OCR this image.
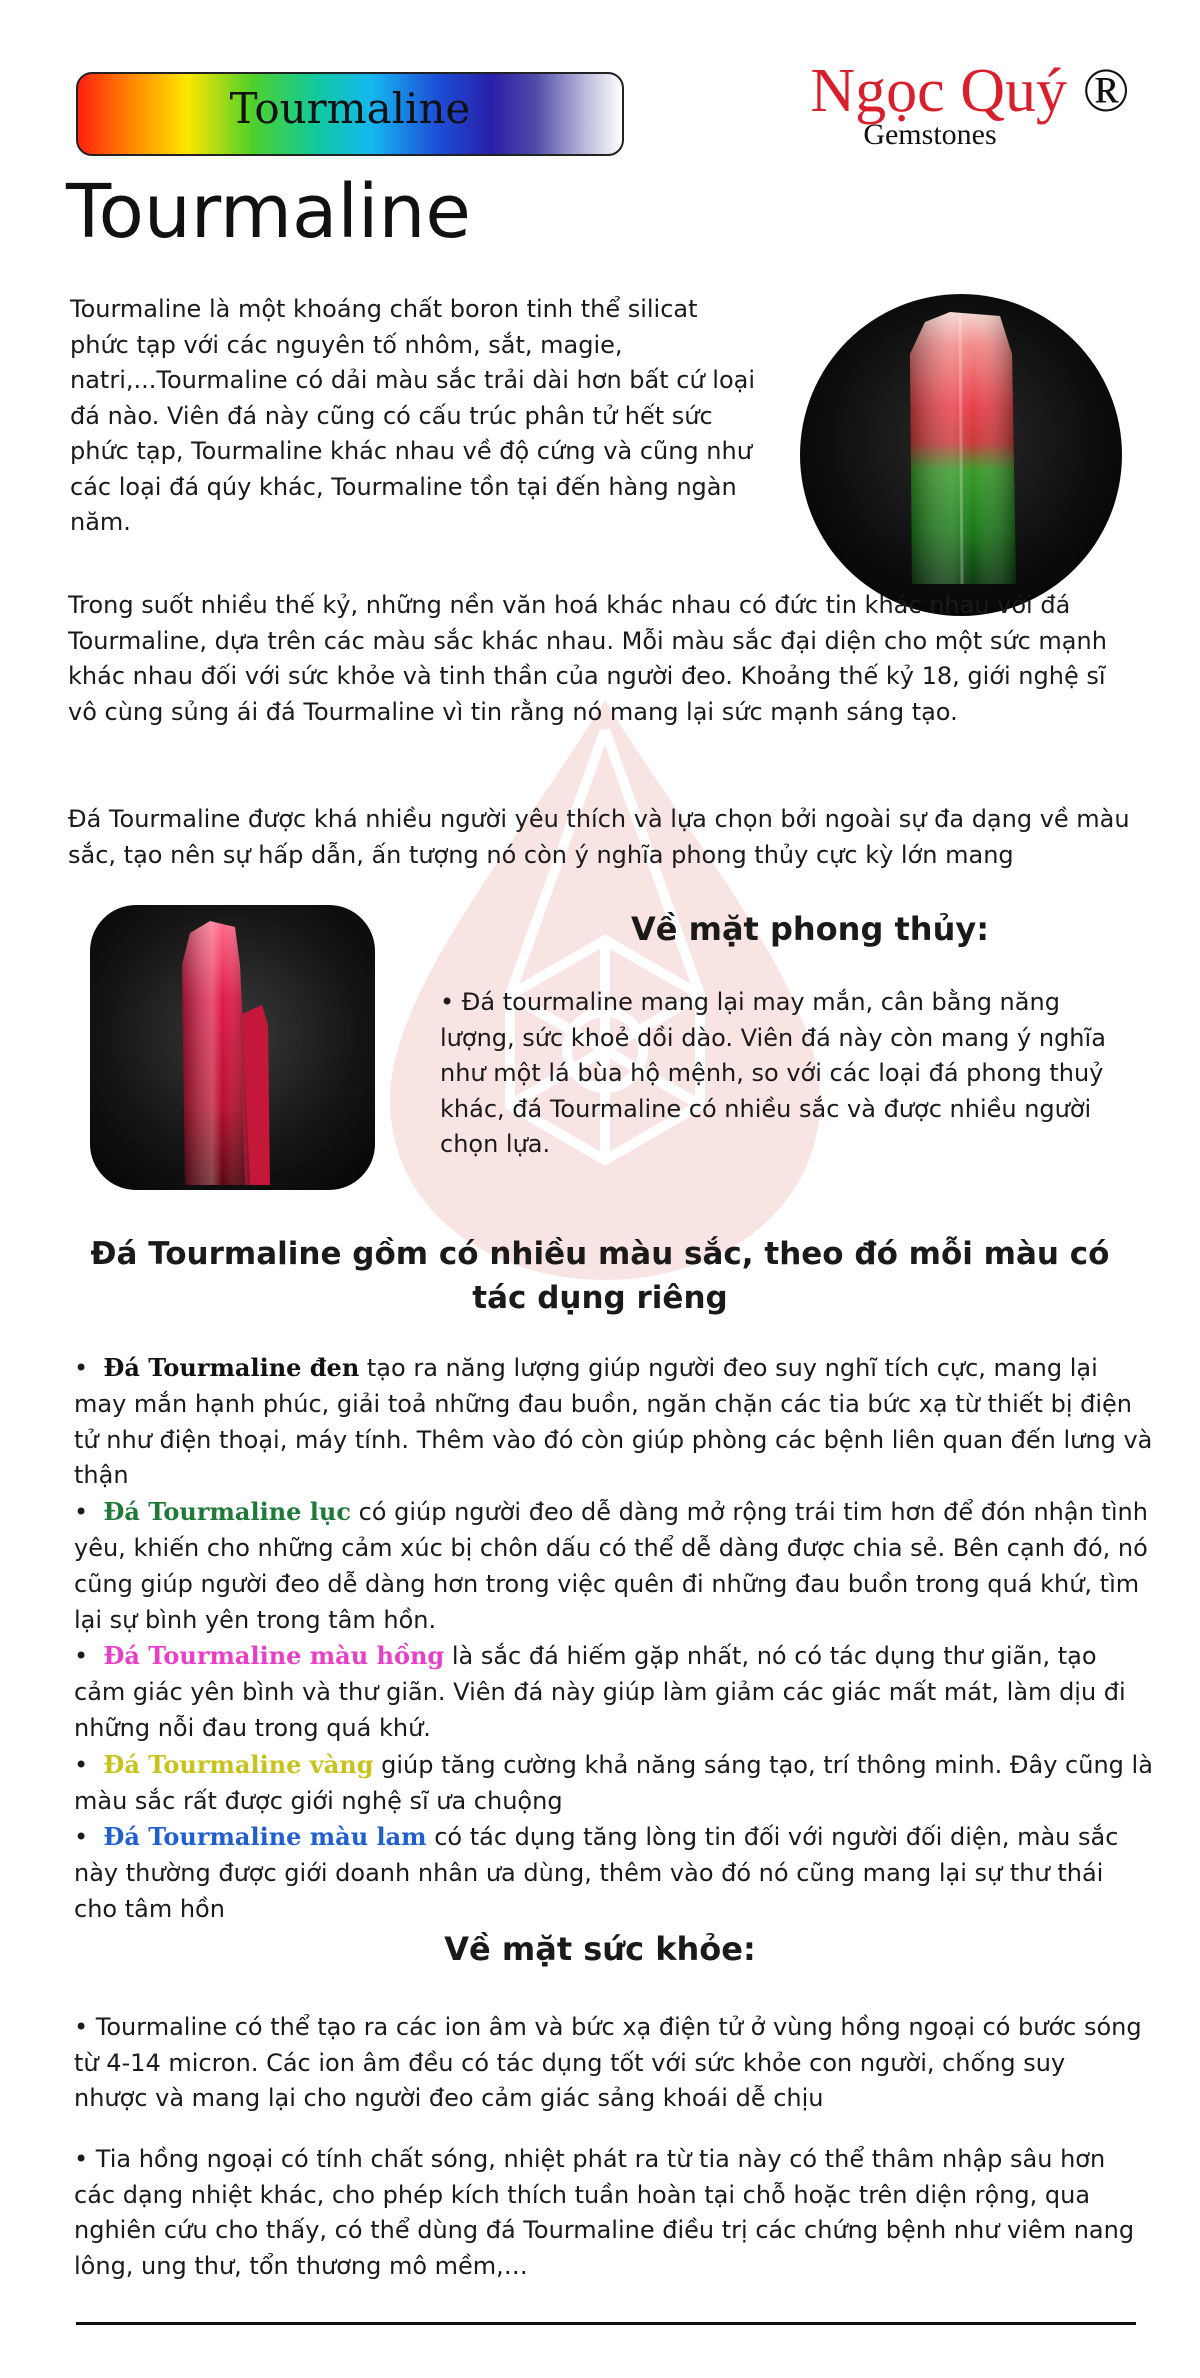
Tourmaline	Ngọc Quý ®
Gemstones
Tourmaline

Tourmaline là một khoáng chất boron tinh thể silicat phức tạp với các nguyên tố nhôm, sắt, magie, natri,...Tourmaline có dải màu sắc trải dài hơn bất cứ loại đá nào. Viên đá này cũng có cấu trúc phân tử hết sức phức tạp, Tourmaline khác nhau về độ cứng và cũng như các loại đá qúy khác, Tourmaline tồn tại đến hàng ngàn năm.

Trong suốt nhiều thế kỷ, những nền văn hoá khác nhau có đức tin khác nhau với đá Tourmaline, dựa trên các màu sắc khác nhau. Mỗi màu sắc đại diện cho một sức mạnh khác nhau đối với sức khỏe và tinh thần của người đeo. Khoảng thế kỷ 18, giới nghệ sĩ vô cùng sủng ái đá Tourmaline vì tin rằng nó mang lại sức mạnh sáng tạo.

Đá Tourmaline được khá nhiều người yêu thích và lựa chọn bởi ngoài sự đa dạng về màu sắc, tạo nên sự hấp dẫn, ấn tượng nó còn ý nghĩa phong thủy cực kỳ lớn mang

Về mặt phong thủy:

• Đá tourmaline mang lại may mắn, cân bằng năng lượng, sức khoẻ dồi dào. Viên đá này còn mang ý nghĩa như một lá bùa hộ mệnh, so với các loại đá phong thuỷ khác, đá Tourmaline có nhiều sắc và được nhiều người chọn lựa.

Đá Tourmaline gồm có nhiều màu sắc, theo đó mỗi màu có tác dụng riêng
•  Đá Tourmaline đen tạo ra năng lượng giúp người đeo suy nghĩ tích cực, mang lại may mắn hạnh phúc, giải toả những đau buồn, ngăn chặn các tia bức xạ từ thiết bị điện tử như điện thoại, máy tính. Thêm vào đó còn giúp phòng các bệnh liên quan đến lưng và thận
•  Đá Tourmaline lục có giúp người đeo dễ dàng mở rộng trái tim hơn để đón nhận tình yêu, khiến cho những cảm xúc bị chôn dấu có thể dễ dàng được chia sẻ. Bên cạnh đó, nó cũng giúp người đeo dễ dàng hơn trong việc quên đi những đau buồn trong quá khứ, tìm lại sự bình yên trong tâm hồn.
•  Đá Tourmaline màu hồng là sắc đá hiếm gặp nhất, nó có tác dụng thư giãn, tạo cảm giác yên bình và thư giãn. Viên đá này giúp làm giảm các giác mất mát, làm dịu đi những nỗi đau trong quá khứ.
•  Đá Tourmaline vàng giúp tăng cường khả năng sáng tạo, trí thông minh. Đây cũng là màu sắc rất được giới nghệ sĩ ưa chuộng
•  Đá Tourmaline màu lam có tác dụng tăng lòng tin đối với người đối diện, màu sắc này thường được giới doanh nhân ưa dùng, thêm vào đó nó cũng mang lại sự thư thái cho tâm hồn
Về mặt sức khỏe:

• Tourmaline có thể tạo ra các ion âm và bức xạ điện tử ở vùng hồng ngoại có bước sóng từ 4-14 micron. Các ion âm đều có tác dụng tốt với sức khỏe con người, chống suy nhược và mang lại cho người đeo cảm giác sảng khoái dễ chịu

• Tia hồng ngoại có tính chất sóng, nhiệt phát ra từ tia này có thể thâm nhập sâu hơn các dạng nhiệt khác, cho phép kích thích tuần hoàn tại chỗ hoặc trên diện rộng, qua nghiên cứu cho thấy, có thể dùng đá Tourmaline điều trị các chứng bệnh như viêm nang lông, ung thư, tổn thương mô mềm,…
